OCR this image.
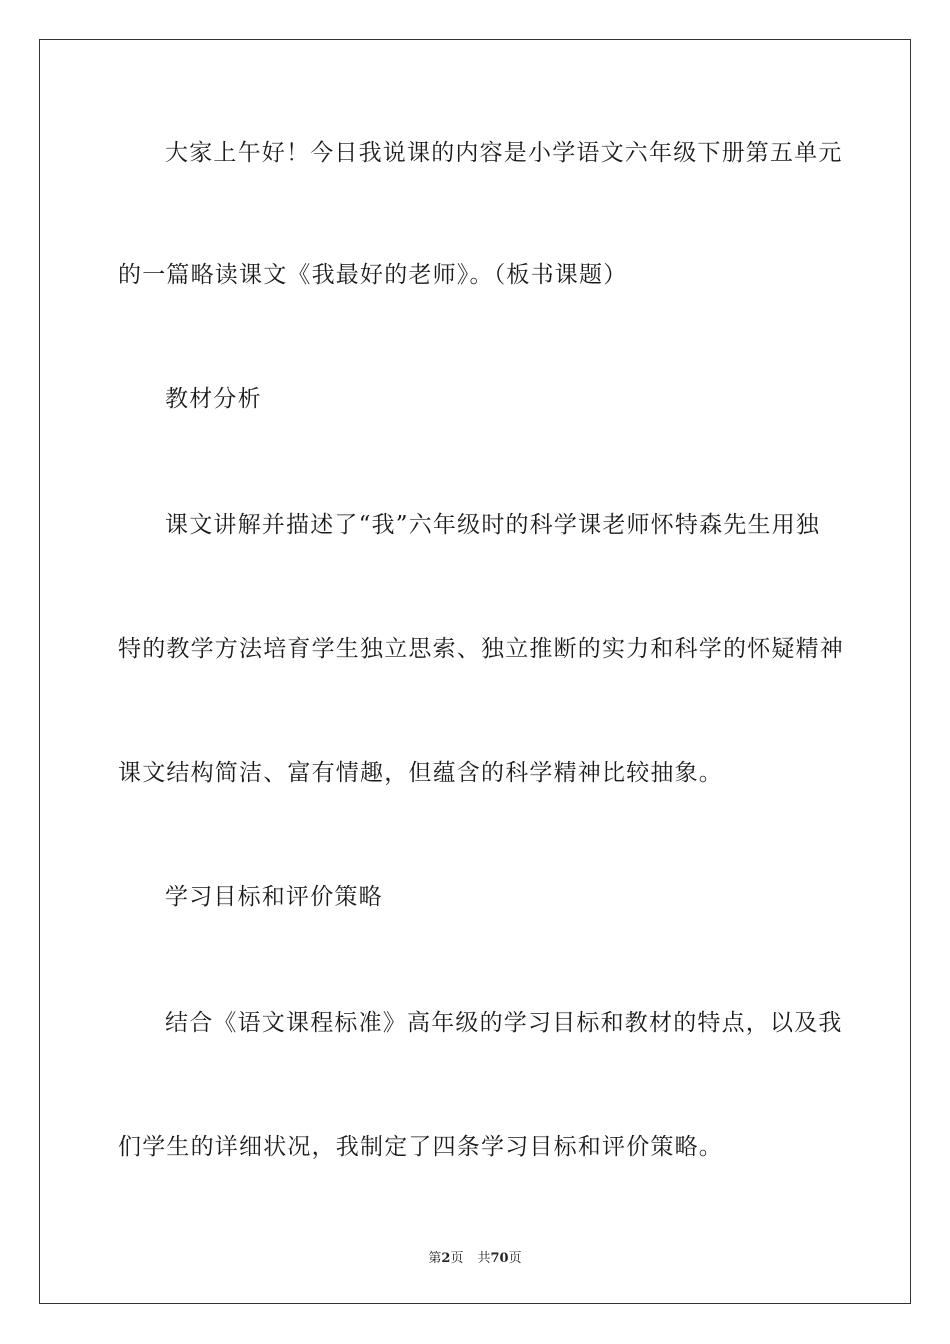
大家上午好！今日我说课的内容是小学语文六年级下册第五单元
的一篇略读课文《我最好的老师》。（板书课题）
教材分析
课文讲解并描述了“我”六年级时的科学课老师怀特森先生用独
特的教学方法培育学生独立思索、独立推断的实力和科学的怀疑精神
课文结构简洁、富有情趣，但蕴含的科学精神比较抽象。
学习目标和评价策略
结合《语文课程标准》高年级的学习目标和教材的特点，以及我
们学生的详细状况，我制定了四条学习目标和评价策略。
第2页 共70页
